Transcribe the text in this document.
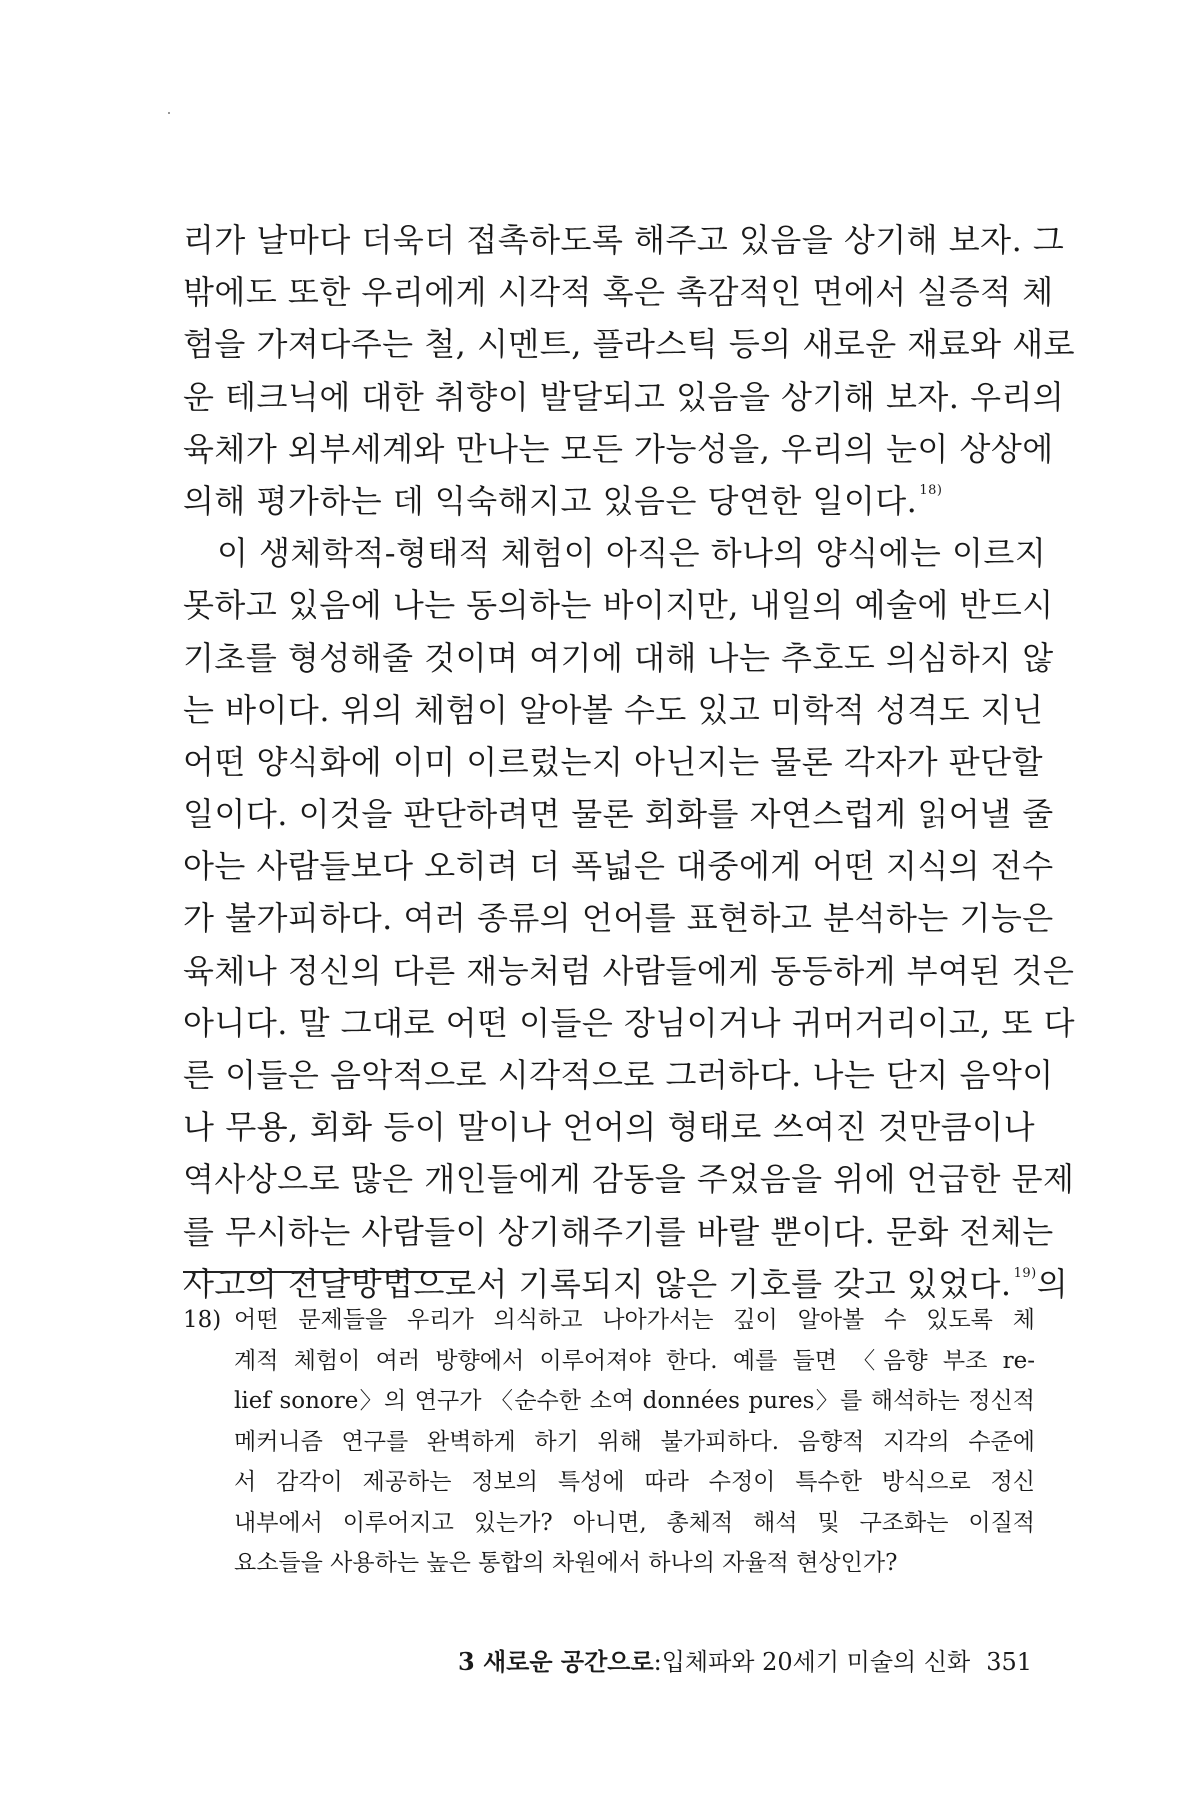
리가 날마다 더욱더 접촉하도록 해주고 있음을 상기해 보자. 그
밖에도 또한 우리에게 시각적 혹은 촉감적인 면에서 실증적 체
험을 가져다주는 철, 시멘트, 플라스틱 등의 새로운 재료와 새로
운 테크닉에 대한 취향이 발달되고 있음을 상기해 보자. 우리의
육체가 외부세계와 만나는 모든 가능성을, 우리의 눈이 상상에
의해 평가하는 데 익숙해지고 있음은 당연한 일이다. $^{18)}$
이 생체학적-형태적 체험이 아직은 하나의 양식에는 이르지
못하고 있음에 나는 동의하는 바이지만, 내일의 예술에 반드시
기초를 형성해줄 것이며 여기에 대해 나는 추호도 의심하지 않
는 바이다. 위의 체험이 알아볼 수도 있고 미학적 성격도 지닌
어떤 양식화에 이미 이르렀는지 아닌지는 물론 각자가 판단할
일이다. 이것을 판단하려면 물론 회화를 자연스럽게 읽어낼 줄
아는 사람들보다 오히려 더 폭넓은 대중에게 어떤 지식의 전수
가 불가피하다. 여러 종류의 언어를 표현하고 분석하는 기능은
육체나 정신의 다른 재능처럼 사람들에게 동등하게 부여된 것은
아니다. 말 그대로 어떤 이들은 장님이거나 귀머거리이고, 또 다
른 이들은 음악적으로 시각적으로 그러하다. 나는 단지 음악이
나 무용, 회화 등이 말이나 언어의 형태로 쓰여진 것만큼이나
역사상으로 많은 개인들에게 감동을 주었음을 위에 언급한 문제
를 무시하는 사람들이 상기해주기를 바랄 뿐이다. 문화 전체는
사고의 전달방법으로서 기록되지 않은 기호를 갖고 있었다. $^{19)}$의
18) 어떤 문제들을 우리가 의식하고 나아가서는 깊이 알아볼 수 있도록 체
계적 체험이 여러 방향에서 이루어져야 한다. 예를 들면 〈음향 부조 re-
lief sonore〉의 연구가 〈순수한 소여 données pures〉를 해석하는 정신적
메커니즘 연구를 완벽하게 하기 위해 불가피하다. 음향적 지각의 수준에
서 감각이 제공하는 정보의 특성에 따라 수정이 특수한 방식으로 정신
내부에서 이루어지고 있는가? 아니면, 총체적 해석 및 구조화는 이질적
요소들을 사용하는 높은 통합의 차원에서 하나의 자율적 현상인가?
3 새로운 공간으로:입체파와 20세기 미술의 신화 351
